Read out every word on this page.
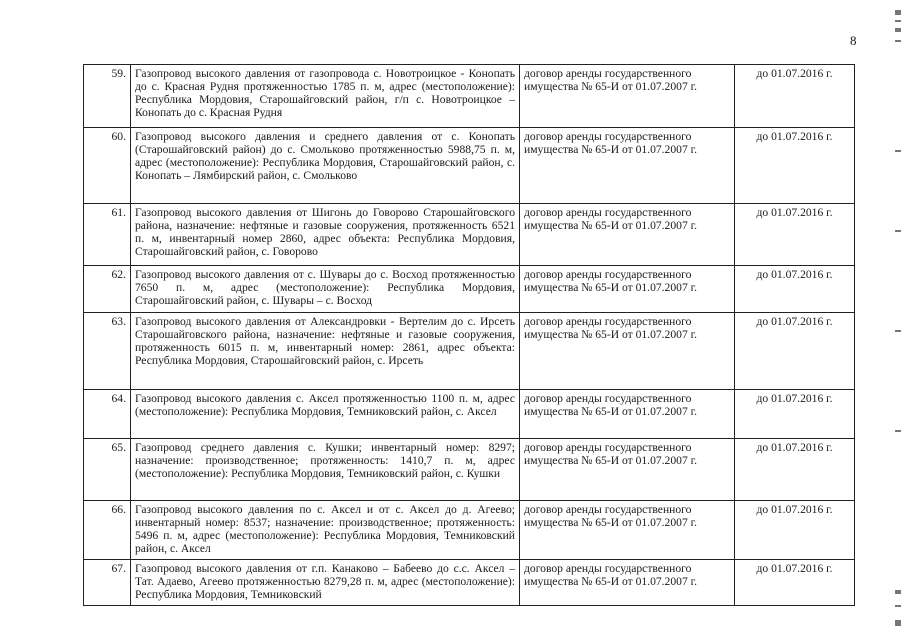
8
59.	Газопровод высокого давления от газопровода с. Новотроицкое - Конопать до с. Красная Рудня протяженностью 1785 п. м, адрес (местоположение): Республика Мордовия, Старошайговский район, г/п с. Новотроицкое – Конопать до с. Красная Рудня	договор аренды государственного имущества № 65-И от 01.07.2007 г.	до 01.07.2016 г.
60.	Газопровод высокого давления и среднего давления от с. Конопать (Старошайговский район) до с. Смольково протяженностью 5988,75 п. м, адрес (местоположение): Республика Мордовия, Старошайговский район, с. Конопать – Лямбирский район, с. Смольково	договор аренды государственного имущества № 65-И от 01.07.2007 г.	до 01.07.2016 г.
61.	Газопровод высокого давления от Шигонь до Говорово Старошайговского района, назначение: нефтяные и газовые сооружения, протяженность 6521 п. м, инвентарный номер 2860, адрес объекта: Республика Мордовия, Старошайговский район, с. Говорово	договор аренды государственного имущества № 65-И от 01.07.2007 г.	до 01.07.2016 г.
62.	Газопровод высокого давления от с. Шувары до с. Восход протяженностью 7650 п. м, адрес (местоположение): Республика Мордовия, Старошайговский район, с. Шувары – с. Восход	договор аренды государственного имущества № 65-И от 01.07.2007 г.	до 01.07.2016 г.
63.	Газопровод высокого давления от Александровки - Вертелим до с. Ирсеть Старошайговского района, назначение: нефтяные и газовые сооружения, протяженность 6015 п. м, инвентарный номер: 2861, адрес объекта: Республика Мордовия, Старошайговский район, с. Ирсеть	договор аренды государственного имущества № 65-И от 01.07.2007 г.	до 01.07.2016 г.
64.	Газопровод высокого давления с. Аксел протяженностью 1100 п. м, адрес (местоположение): Республика Мордовия, Темниковский район, с. Аксел	договор аренды государственного имущества № 65-И от 01.07.2007 г.	до 01.07.2016 г.
65.	Газопровод среднего давления с. Кушки; инвентарный номер: 8297; назначение: производственное; протяженность: 1410,7 п. м, адрес (местоположение): Республика Мордовия, Темниковский район, с. Кушки	договор аренды государственного имущества № 65-И от 01.07.2007 г.	до 01.07.2016 г.
66.	Газопровод высокого давления по с. Аксел и от с. Аксел до д. Агеево; инвентарный номер: 8537; назначение: производственное; протяженность: 5496 п. м, адрес (местоположение): Республика Мордовия, Темниковский район, с. Аксел	договор аренды государственного имущества № 65-И от 01.07.2007 г.	до 01.07.2016 г.
67.	Газопровод высокого давления от г.п. Канаково – Бабеево до с.с. Аксел – Тат. Адаево, Агеево протяженностью 8279,28 п. м, адрес (местоположение): Республика Мордовия, Темниковский	договор аренды государственного имущества № 65-И от 01.07.2007 г.	до 01.07.2016 г.
